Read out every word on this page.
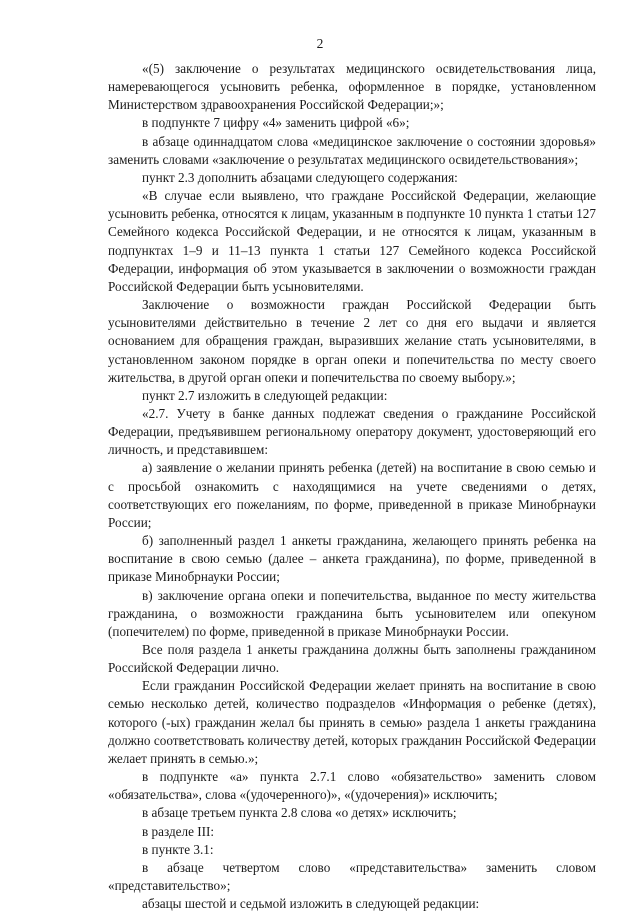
2

«(5) заключение о результатах медицинского освидетельствования лица, намеревающегося усыновить ребенка, оформленное в порядке, установленном Министерством здравоохранения Российской Федерации;»;

в подпункте 7 цифру «4» заменить цифрой «6»;

в абзаце одиннадцатом слова «медицинское заключение о состоянии здоровья» заменить словами «заключение о результатах медицинского освидетельствования»;

пункт 2.3 дополнить абзацами следующего содержания:

«В случае если выявлено, что граждане Российской Федерации, желающие усыновить ребенка, относятся к лицам, указанным в подпункте 10 пункта 1 статьи 127 Семейного кодекса Российской Федерации, и не относятся к лицам, указанным в подпунктах 1–9 и 11–13 пункта 1 статьи 127 Семейного кодекса Российской Федерации, информация об этом указывается в заключении о возможности граждан Российской Федерации быть усыновителями.

Заключение о возможности граждан Российской Федерации быть усыновителями действительно в течение 2 лет со дня его выдачи и является основанием для обращения граждан, выразивших желание стать усыновителями, в установленном законом порядке в орган опеки и попечительства по месту своего жительства, в другой орган опеки и попечительства по своему выбору.»;

пункт 2.7 изложить в следующей редакции:

«2.7. Учету в банке данных подлежат сведения о гражданине Российской Федерации, предъявившем региональному оператору документ, удостоверяющий его личность, и представившем:

а) заявление о желании принять ребенка (детей) на воспитание в свою семью и с просьбой ознакомить с находящимися на учете сведениями о детях, соответствующих его пожеланиям, по форме, приведенной в приказе Минобрнауки России;

б) заполненный раздел 1 анкеты гражданина, желающего принять ребенка на воспитание в свою семью (далее – анкета гражданина), по форме, приведенной в приказе Минобрнауки России;

в) заключение органа опеки и попечительства, выданное по месту жительства гражданина, о возможности гражданина быть усыновителем или опекуном (попечителем) по форме, приведенной в приказе Минобрнауки России.

Все поля раздела 1 анкеты гражданина должны быть заполнены гражданином Российской Федерации лично.

Если гражданин Российской Федерации желает принять на воспитание в свою семью несколько детей, количество подразделов «Информация о ребенке (детях), которого (-ых) гражданин желал бы принять в семью» раздела 1 анкеты гражданина должно соответствовать количеству детей, которых гражданин Российской Федерации желает принять в семью.»;

в подпункте «а» пункта 2.7.1 слово «обязательство» заменить словом «обязательства», слова «(удочеренного)», «(удочерения)» исключить;

в абзаце третьем пункта 2.8 слова «о детях» исключить;

в разделе III:

в пункте 3.1:

в абзаце четвертом слово «представительства» заменить словом «представительство»;

абзацы шестой и седьмой изложить в следующей редакции:
